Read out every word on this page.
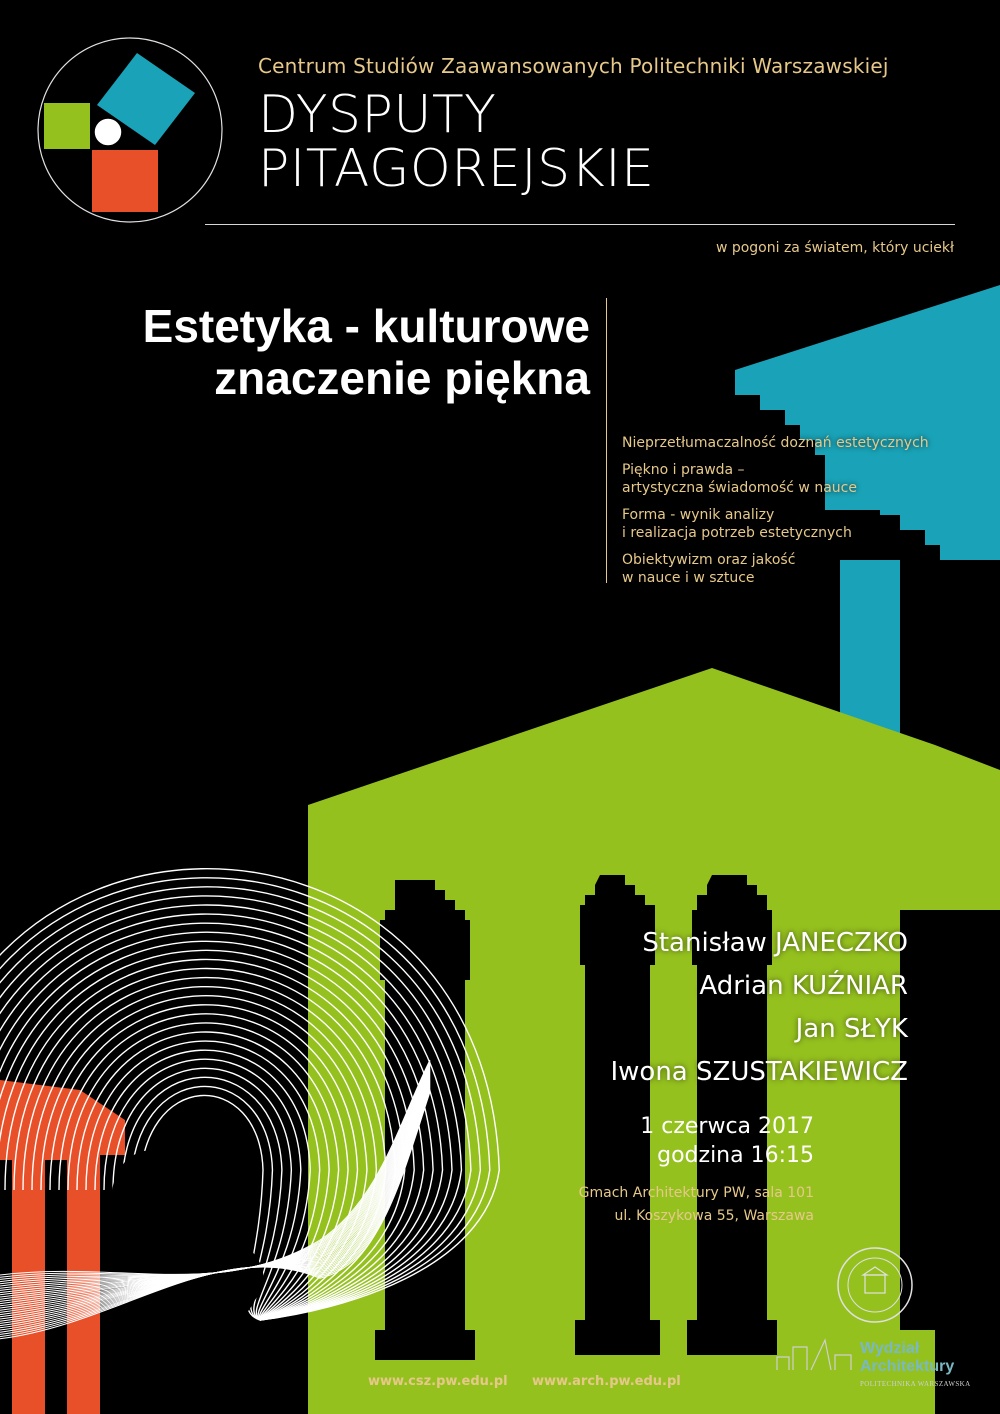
Centrum Studiów Zaawansowanych Politechniki Warszawskiej
DYSPUTY
PITAGOREJSKIE
w pogoni za światem, który uciekł
Estetyka - kulturowe
znaczenie piękna
Nieprzetłumaczalność doznań estetycznych
Piękno i prawda –
artystyczna świadomość w nauce
Forma - wynik analizy
i realizacja potrzeb estetycznych
Obiektywizm oraz jakość
w nauce i w sztuce
Stanisław JANECZKO
Adrian KUŹNIAR
Jan SŁYK
Iwona SZUSTAKIEWICZ
1 czerwca 2017
godzina 16:15
Gmach Architektury PW, sala 101
ul. Koszykowa 55, Warszawa
Wydział
Architektury
POLITECHNIKA WARSZAWSKA
www.csz.pw.edu.pl www.arch.pw.edu.pl
